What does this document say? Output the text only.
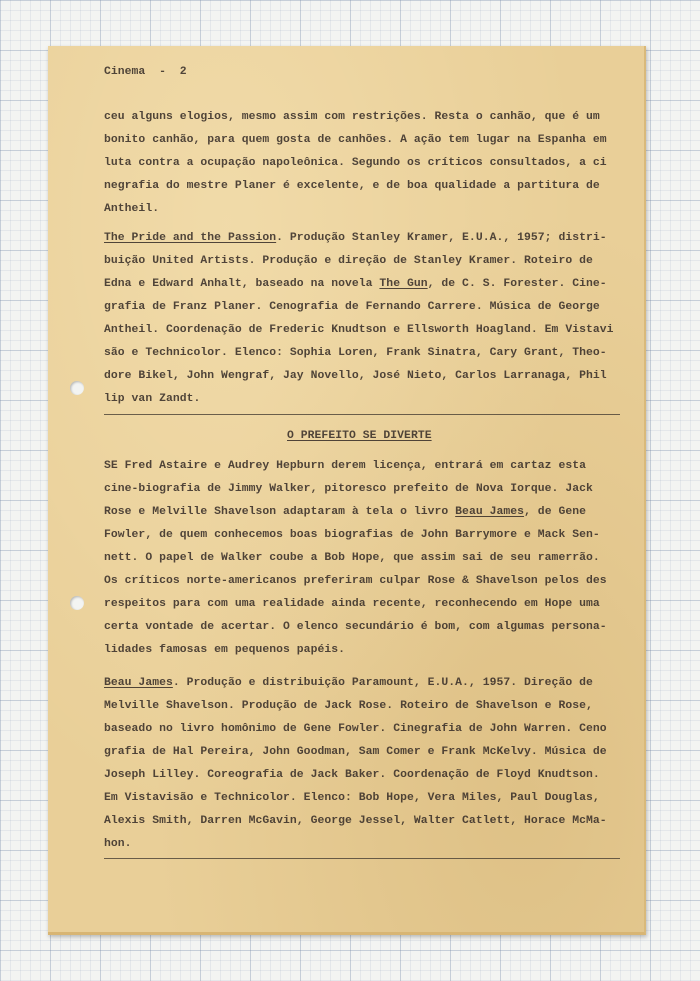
Cinema  -  2

ceu alguns elogios, mesmo assim com restrições. Resta o canhão, que é um

bonito canhão, para quem gosta de canhões. A ação tem lugar na Espanha em

luta contra a ocupação napoleônica. Segundo os críticos consultados, a ci

negrafia do mestre Planer é excelente, e de boa qualidade a partitura de

Antheil.

The Pride and the Passion. Produção Stanley Kramer, E.U.A., 1957; distri-

buição United Artists. Produção e direção de Stanley Kramer. Roteiro de

Edna e Edward Anhalt, baseado na novela The Gun, de C. S. Forester. Cine-

grafia de Franz Planer. Cenografia de Fernando Carrere. Música de George

Antheil. Coordenação de Frederic Knudtson e Ellsworth Hoagland. Em Vistavi

são e Technicolor. Elenco: Sophia Loren, Frank Sinatra, Cary Grant, Theo-

dore Bikel, John Wengraf, Jay Novello, José Nieto, Carlos Larranaga, Phil

lip van Zandt.

O PREFEITO SE DIVERTE

SE Fred Astaire e Audrey Hepburn derem licença, entrará em cartaz esta

cine-biografia de Jimmy Walker, pitoresco prefeito de Nova Iorque. Jack

Rose e Melville Shavelson adaptaram à tela o livro Beau James, de Gene

Fowler, de quem conhecemos boas biografias de John Barrymore e Mack Sen-

nett. O papel de Walker coube a Bob Hope, que assim sai de seu ramerrão.

Os críticos norte-americanos preferiram culpar Rose & Shavelson pelos des

respeitos para com uma realidade ainda recente, reconhecendo em Hope uma

certa vontade de acertar. O elenco secundário é bom, com algumas persona-

lidades famosas em pequenos papéis.

Beau James. Produção e distribuição Paramount, E.U.A., 1957. Direção de

Melville Shavelson. Produção de Jack Rose. Roteiro de Shavelson e Rose,

baseado no livro homônimo de Gene Fowler. Cinegrafia de John Warren. Ceno

grafia de Hal Pereira, John Goodman, Sam Comer e Frank McKelvy. Música de

Joseph Lilley. Coreografia de Jack Baker. Coordenação de Floyd Knudtson.

Em Vistavisão e Technicolor. Elenco: Bob Hope, Vera Miles, Paul Douglas,

Alexis Smith, Darren McGavin, George Jessel, Walter Catlett, Horace McMa-

hon.
